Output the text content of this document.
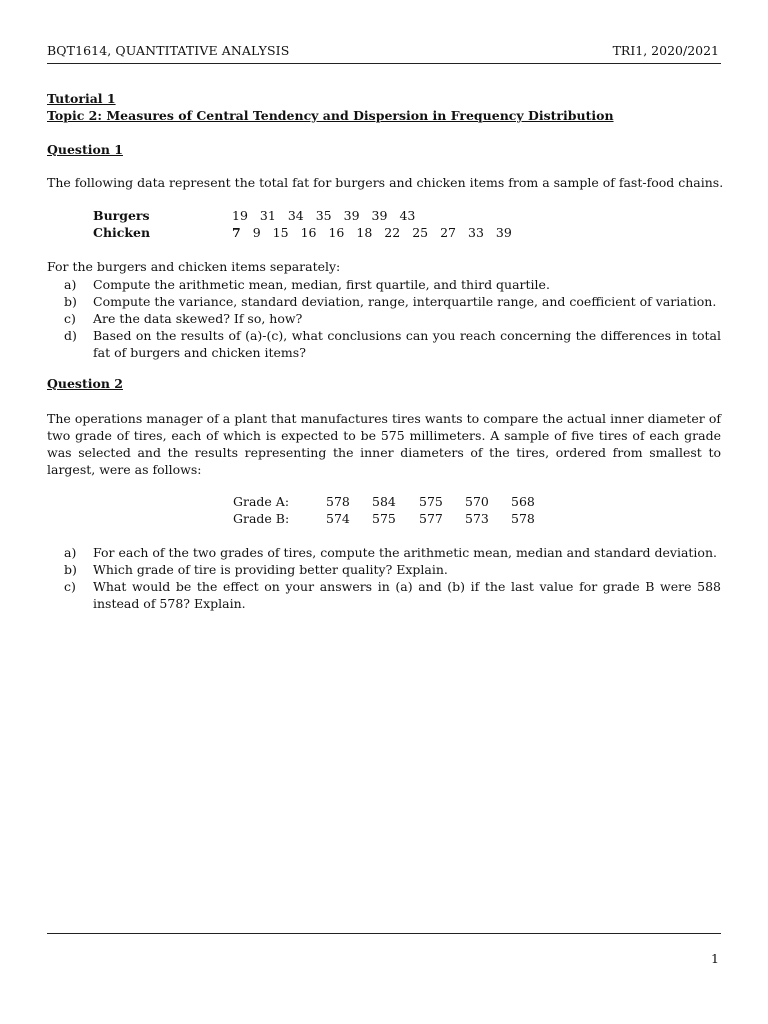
BQT1614, QUANTITATIVE ANALYSIS	TRI1, 2020/2021
Tutorial 1
Topic 2: Measures of Central Tendency and Dispersion in Frequency Distribution
Question 1
The following data represent the total fat for burgers and chicken items from a sample of fast-food chains.
Burgers	19 31 34 35 39 39 43
Chicken	7 9 15 16 16 18 22 25 27 33 39
For the burgers and chicken items separately:
a) Compute the arithmetic mean, median, first quartile, and third quartile.
b) Compute the variance, standard deviation, range, interquartile range, and coefficient of variation.
c) Are the data skewed? If so, how?
d) Based on the results of (a)-(c), what conclusions can you reach concerning the differences in total fat of burgers and chicken items?
Question 2
The operations manager of a plant that manufactures tires wants to compare the actual inner diameter of two grade of tires, each of which is expected to be 575 millimeters. A sample of five tires of each grade was selected and the results representing the inner diameters of the tires, ordered from smallest to largest, were as follows:
Grade A:	578 584 575 570 568
Grade B:	574 575 577 573 578
a) For each of the two grades of tires, compute the arithmetic mean, median and standard deviation.
b) Which grade of tire is providing better quality? Explain.
c) What would be the effect on your answers in (a) and (b) if the last value for grade B were 588 instead of 578? Explain.
1
